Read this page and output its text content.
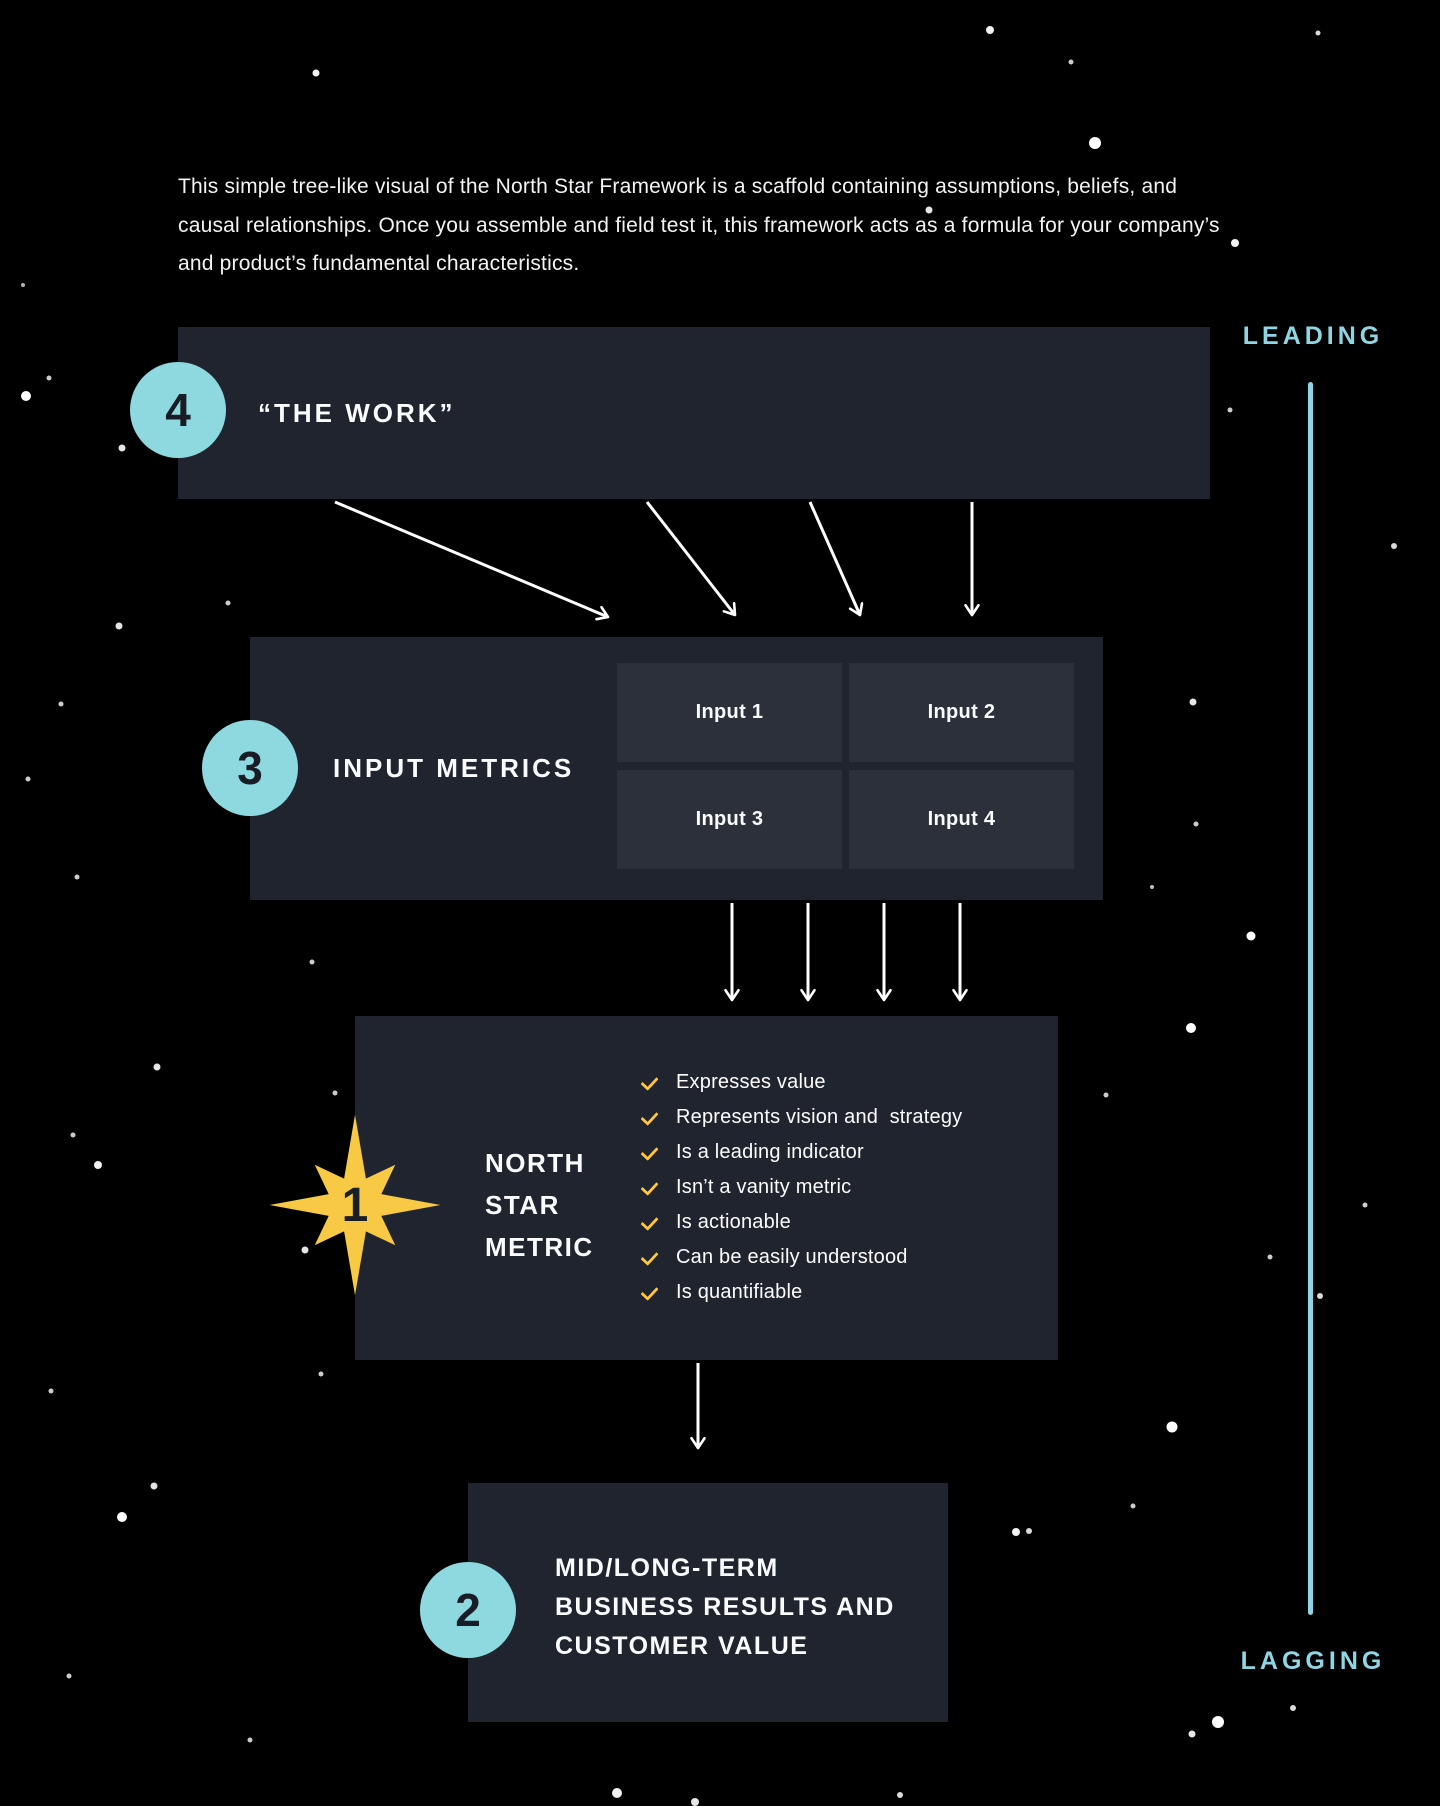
This simple tree-like visual of the North Star Framework is a scaffold containing assumptions, beliefs, and causal relationships. Once you assemble and field test it, this framework acts as a formula for your company’s and product’s fundamental characteristics.

LEADING
LAGGING
4	“THE WORK”
3	INPUT METRICS
Input 1	Input 2
Input 3	Input 4
1
NORTH
STAR
METRIC
Expresses value
Represents vision and  strategy
Is a leading indicator
Isn’t a vanity metric
Is actionable
Can be easily understood
Is quantifiable
2
MID/LONG-TERM
BUSINESS RESULTS AND
CUSTOMER VALUE
